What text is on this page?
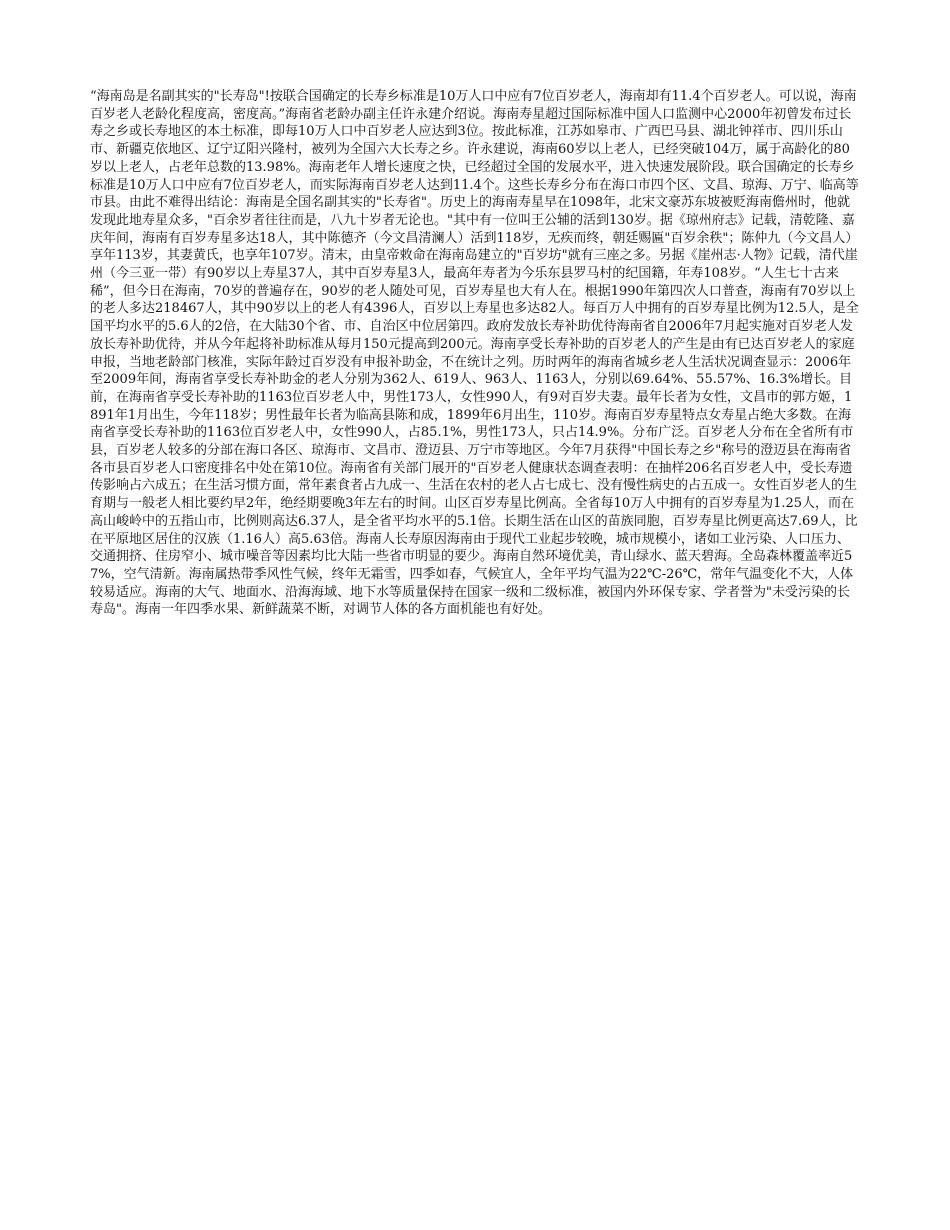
“海南岛是名副其实的"长寿岛"!按联合国确定的长寿乡标准是10万人口中应有7位百岁老人，海南却有11.4个百岁老人。可以说，海南百岁老人老龄化程度高，密度高。”海南省老龄办副主任许永建介绍说。海南寿星超过国际标准中国人口监测中心2000年初曾发布过长寿之乡或长寿地区的本土标准，即每10万人口中百岁老人应达到3位。按此标准，江苏如皋市、广西巴马县、湖北钟祥市、四川乐山市、新疆克依地区、辽宁辽阳兴隆村，被列为全国六大长寿之乡。许永建说，海南60岁以上老人，已经突破104万，属于高龄化的80岁以上老人，占老年总数的13.98%。海南老年人增长速度之快，已经超过全国的发展水平，进入快速发展阶段。联合国确定的长寿乡标准是10万人口中应有7位百岁老人，而实际海南百岁老人达到11.4个。这些长寿乡分布在海口市四个区、文昌、琼海、万宁、临高等市县。由此不难得出结论：海南是全国名副其实的"长寿省"。历史上的海南寿星早在1098年，北宋文豪苏东坡被贬海南儋州时，他就发现此地寿星众多，"百余岁者往往而是，八九十岁者无论也。"其中有一位叫王公辅的活到130岁。据《琼州府志》记载，清乾隆、嘉庆年间，海南有百岁寿星多达18人，其中陈德齐（今文昌清澜人）活到118岁，无疾而终，朝廷赐匾"百岁余秩"；陈仲九（今文昌人）享年113岁，其妻黄氏，也享年107岁。清末，由皇帝敕命在海南岛建立的"百岁坊"就有三座之多。另据《崖州志·人物》记载，清代崖州（今三亚一带）有90岁以上寿星37人，其中百岁寿星3人，最高年寿者为今乐东县罗马村的纪国籍，年寿108岁。“人生七十古来稀”，但今日在海南，70岁的普遍存在，90岁的老人随处可见，百岁寿星也大有人在。根据1990年第四次人口普查，海南有70岁以上的老人多达218467人，其中90岁以上的老人有4396人，百岁以上寿星也多达82人。每百万人中拥有的百岁寿星比例为12.5人，是全国平均水平的5.6人的2倍，在大陆30个省、市、自治区中位居第四。政府发放长寿补助优待海南省自2006年7月起实施对百岁老人发放长寿补助优待，并从今年起将补助标准从每月150元提高到200元。海南享受长寿补助的百岁老人的产生是由有已达百岁老人的家庭申报，当地老龄部门核准，实际年龄过百岁没有申报补助金，不在统计之列。历时两年的海南省城乡老人生活状况调查显示：2006年至2009年间，海南省享受长寿补助金的老人分别为362人、619人、963人、1163人，分别以69.64%、55.57%、16.3%增长。目前，在海南省享受长寿补助的1163位百岁老人中，男性173人，女性990人，有9对百岁夫妻。最年长者为女性，文昌市的郭方姬，1891年1月出生，今年118岁；男性最年长者为临高县陈和成，1899年6月出生，110岁。海南百岁寿星特点女寿星占绝大多数。在海南省享受长寿补助的1163位百岁老人中，女性990人，占85.1%，男性173人，只占14.9%。分布广泛。百岁老人分布在全省所有市县，百岁老人较多的分部在海口各区、琼海市、文昌市、澄迈县、万宁市等地区。今年7月获得"中国长寿之乡"称号的澄迈县在海南省各市县百岁老人口密度排名中处在第10位。海南省有关部门展开的"百岁老人健康状态调查表明：在抽样206名百岁老人中，受长寿遗传影响占六成五；在生活习惯方面，常年素食者占九成一、生活在农村的老人占七成七、没有慢性病史的占五成一。女性百岁老人的生育期与一般老人相比要约早2年，绝经期要晚3年左右的时间。山区百岁寿星比例高。全省每10万人中拥有的百岁寿星为1.25人，而在高山峻岭中的五指山市，比例则高达6.37人，是全省平均水平的5.1倍。长期生活在山区的苗族同胞，百岁寿星比例更高达7.69人，比在平原地区居住的汉族（1.16人）高5.63倍。海南人长寿原因海南由于现代工业起步较晚，城市规模小，诸如工业污染、人口压力、交通拥挤、住房窄小、城市噪音等因素均比大陆一些省市明显的要少。海南自然环境优美，青山绿水、蓝天碧海。全岛森林覆盖率近57%，空气清新。海南属热带季风性气候，终年无霜雪，四季如春，气候宜人，全年平均气温为22℃-26℃，常年气温变化不大，人体较易适应。海南的大气、地面水、沿海海域、地下水等质量保持在国家一级和二级标准，被国内外环保专家、学者誉为"未受污染的长寿岛"。海南一年四季水果、新鲜蔬菜不断，对调节人体的各方面机能也有好处。
